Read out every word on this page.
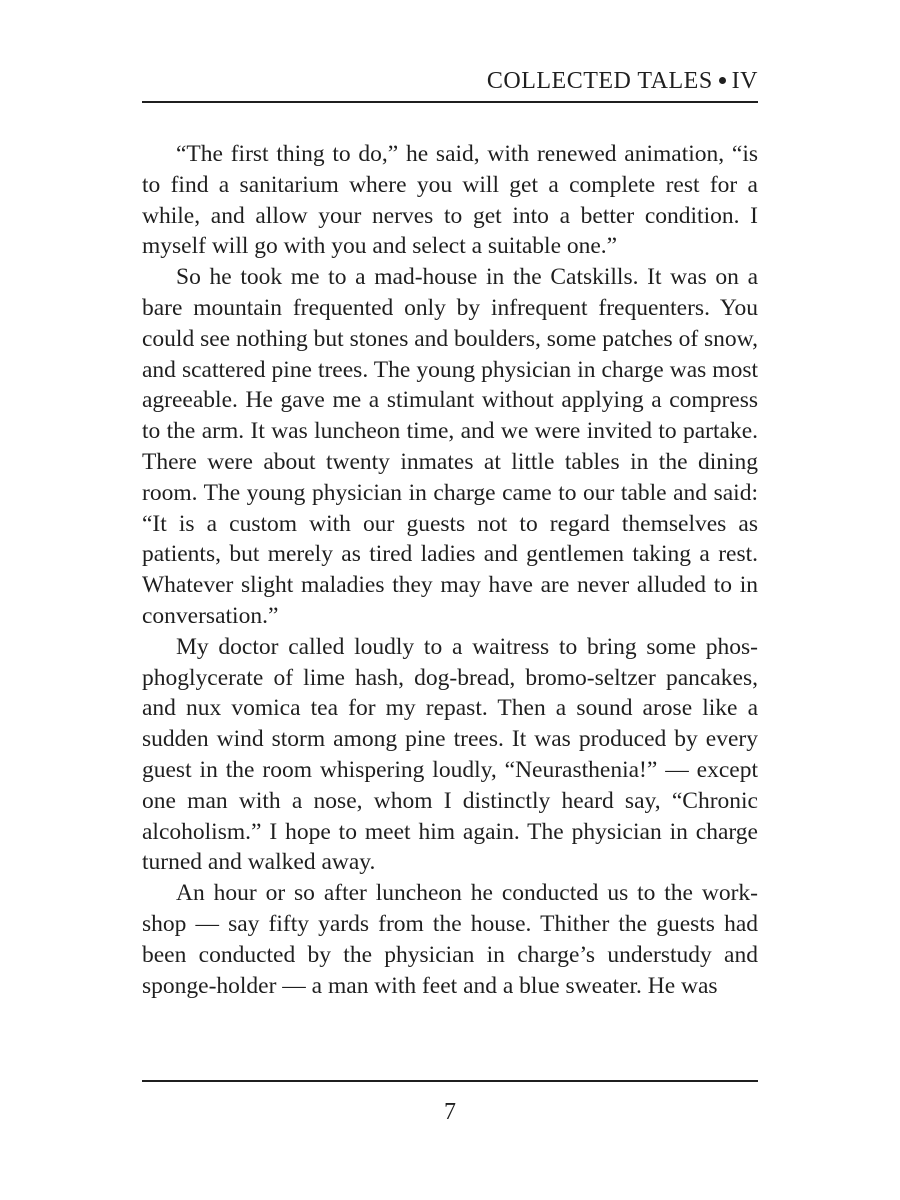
COLLECTED TALES IV

“The first thing to do,” he said, with renewed animation, “is to find a sanitarium where you will get a complete rest for a while, and allow your nerves to get into a better condition. I myself will go with you and select a suitable one.”

So he took me to a mad-house in the Catskills. It was on a bare mountain frequented only by infrequent frequenters. You could see nothing but stones and boulders, some patches of snow, and scattered pine trees. The young physician in charge was most agreeable. He gave me a stimulant without applying a compress to the arm. It was luncheon time, and we were invited to partake. There were about twenty inmates at little tables in the dining room. The young physician in charge came to our table and said: “It is a custom with our guests not to regard themselves as patients, but merely as tired ladies and gentlemen taking a rest. Whatever slight maladies they may have are never alluded to in conversation.”

My doctor called loudly to a waitress to bring some phosphoglycerate of lime hash, dog-bread, bromo-seltzer pancakes, and nux vomica tea for my repast. Then a sound arose like a sudden wind storm among pine trees. It was produced by every guest in the room whispering loudly, “Neurasthenia!” — except one man with a nose, whom I distinctly heard say, “Chronic alcoholism.” I hope to meet him again. The physician in charge turned and walked away.

An hour or so after luncheon he conducted us to the workshop — say fifty yards from the house. Thither the guests had been conducted by the physician in charge’s understudy and sponge-holder — a man with feet and a blue sweater. He was

7
